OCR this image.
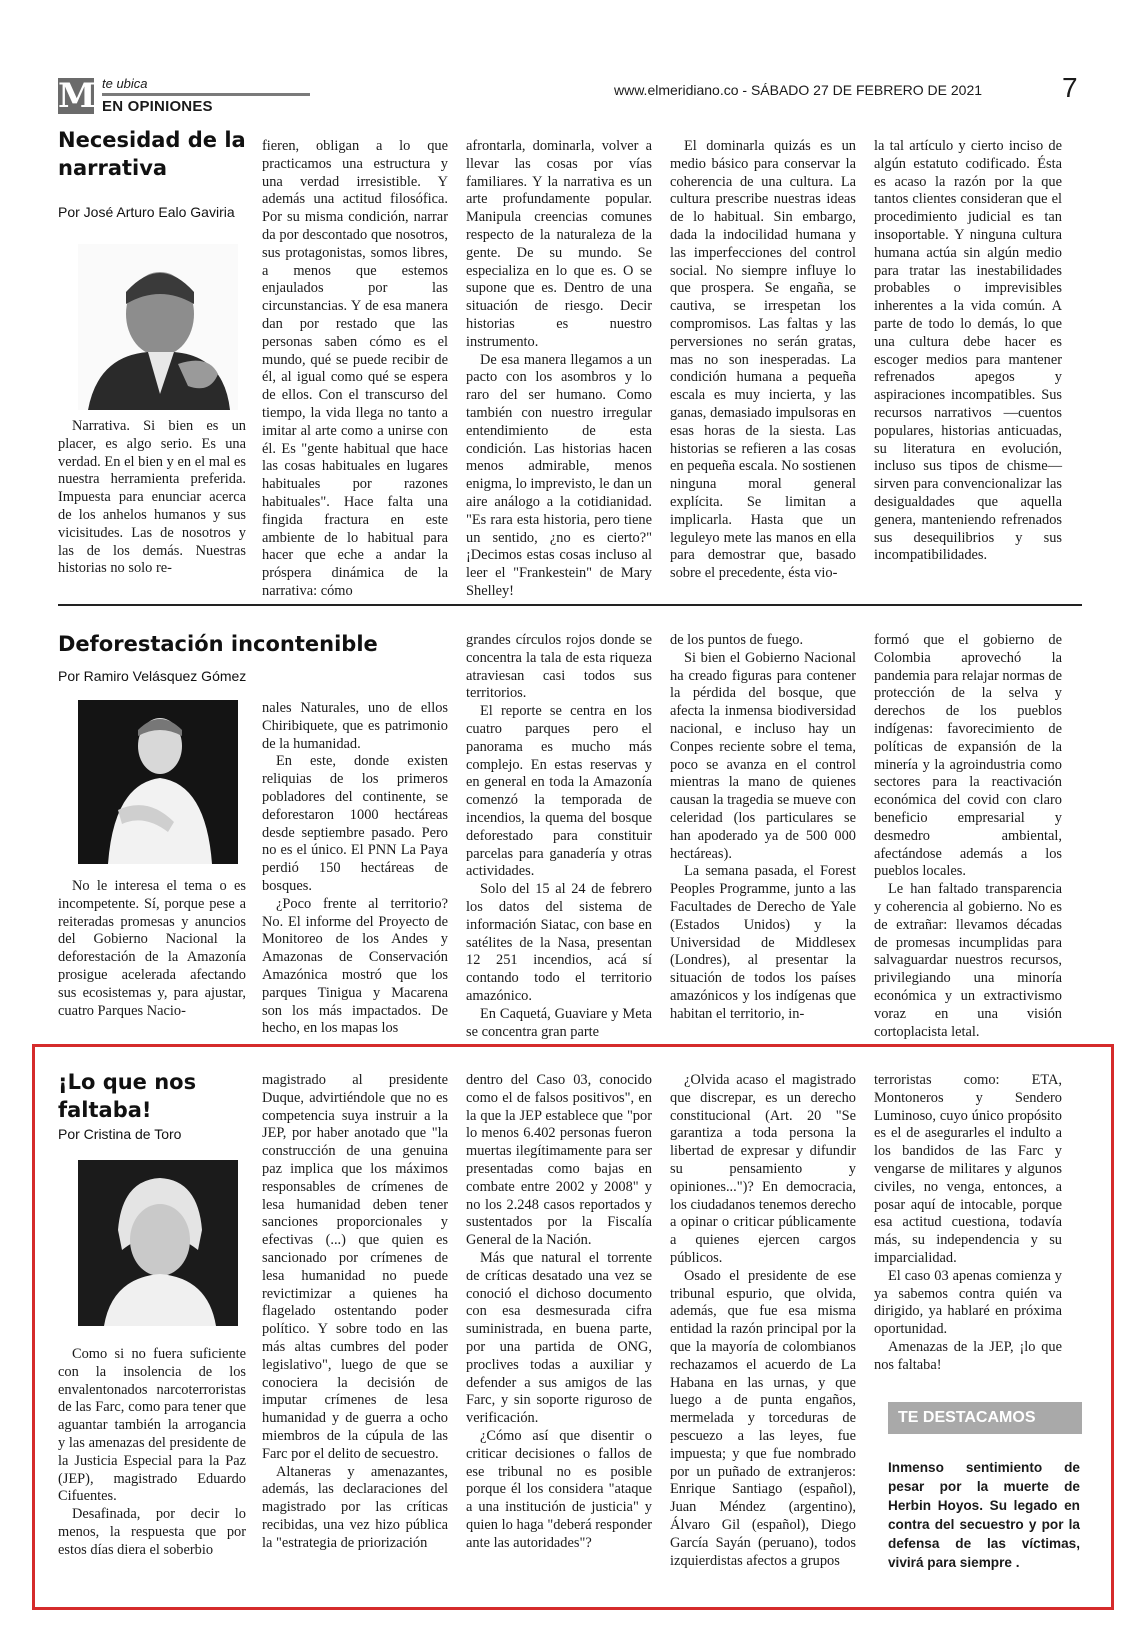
M te ubica
EN OPINIONES
www.elmeridiano.co - SÁBADO 27 DE FEBRERO DE 2021	7
Necesidad de la narrativa
Por José Arturo Ealo Gaviria

Narrativa. Si bien es un placer, es algo serio. Es una verdad. En el bien y en el mal es nuestra herramienta preferida. Impuesta para enunciar acerca de los anhelos humanos y sus vicisitudes. Las de nosotros y las de los demás. Nuestras historias no solo re-

fieren, obligan a lo que practicamos una estructura y una verdad irresistible. Y además una actitud filosófica. Por su misma condición, narrar da por descontado que nosotros, sus protagonistas, somos libres, a menos que estemos enjaulados por las circunstancias. Y de esa manera dan por restado que las personas saben cómo es el mundo, qué se puede recibir de él, al igual como qué se espera de ellos. Con el transcurso del tiempo, la vida llega no tanto a imitar al arte como a unirse con él. Es "gente habitual que hace las cosas habituales en lugares habituales por razones habituales". Hace falta una fingida fractura en este ambiente de lo habitual para hacer que eche a andar la próspera dinámica de la narrativa: cómo

afrontarla, dominarla, volver a llevar las cosas por vías familiares. Y la narrativa es un arte profundamente popular. Manipula creencias comunes respecto de la naturaleza de la gente. De su mundo. Se especializa en lo que es. O se supone que es. Dentro de una situación de riesgo. Decir historias es nuestro instrumento.

De esa manera llegamos a un pacto con los asombros y lo raro del ser humano. Como también con nuestro irregular entendimiento de esta condición. Las historias hacen menos admirable, menos enigma, lo imprevisto, le dan un aire análogo a la cotidianidad. "Es rara esta historia, pero tiene un sentido, ¿no es cierto?" ¡Decimos estas cosas incluso al leer el "Frankestein" de Mary Shelley!

El dominarla quizás es un medio básico para conservar la coherencia de una cultura. La cultura prescribe nuestras ideas de lo habitual. Sin embargo, dada la indocilidad humana y las imperfecciones del control social. No siempre influye lo que prospera. Se engaña, se cautiva, se irrespetan los compromisos. Las faltas y las perversiones no serán gratas, mas no son inesperadas. La condición humana a pequeña escala es muy incierta, y las ganas, demasiado impulsoras en esas horas de la siesta. Las historias se refieren a las cosas en pequeña escala. No sostienen ninguna moral general explícita. Se limitan a implicarla. Hasta que un leguleyo mete las manos en ella para demostrar que, basado sobre el precedente, ésta vio-

la tal artículo y cierto inciso de algún estatuto codificado. Ésta es acaso la razón por la que tantos clientes consideran que el procedimiento judicial es tan insoportable. Y ninguna cultura humana actúa sin algún medio para tratar las inestabilidades probables o imprevisibles inherentes a la vida común. A parte de todo lo demás, lo que una cultura debe hacer es escoger medios para mantener refrenados apegos y aspiraciones incompatibles. Sus recursos narrativos —cuentos populares, historias anticuadas, su literatura en evolución, incluso sus tipos de chisme— sirven para convencionalizar las desigualdades que aquella genera, manteniendo refrenados sus desequilibrios y sus incompatibilidades.

Deforestación incontenible
Por Ramiro Velásquez Gómez

No le interesa el tema o es incompetente. Sí, porque pese a reiteradas promesas y anuncios del Gobierno Nacional la deforestación de la Amazonía prosigue acelerada afectando sus ecosistemas y, para ajustar, cuatro Parques Nacio-

nales Naturales, uno de ellos Chiribiquete, que es patrimonio de la humanidad.

En este, donde existen reliquias de los primeros pobladores del continente, se deforestaron 1000 hectáreas desde septiembre pasado. Pero no es el único. El PNN La Paya perdió 150 hectáreas de bosques.

¿Poco frente al territorio? No. El informe del Proyecto de Monitoreo de los Andes y Amazonas de Conservación Amazónica mostró que los parques Tinigua y Macarena son los más impactados. De hecho, en los mapas los

grandes círculos rojos donde se concentra la tala de esta riqueza atraviesan casi todos sus territorios.

El reporte se centra en los cuatro parques pero el panorama es mucho más complejo. En estas reservas y en general en toda la Amazonía comenzó la temporada de incendios, la quema del bosque deforestado para constituir parcelas para ganadería y otras actividades.

Solo del 15 al 24 de febrero los datos del sistema de información Siatac, con base en satélites de la Nasa, presentan 12 251 incendios, acá sí contando todo el territorio amazónico.

En Caquetá, Guaviare y Meta se concentra gran parte

de los puntos de fuego.

Si bien el Gobierno Nacional ha creado figuras para contener la pérdida del bosque, que afecta la inmensa biodiversidad nacional, e incluso hay un Conpes reciente sobre el tema, poco se avanza en el control mientras la mano de quienes causan la tragedia se mueve con celeridad (los particulares se han apoderado ya de 500 000 hectáreas).

La semana pasada, el Forest Peoples Programme, junto a las Facultades de Derecho de Yale (Estados Unidos) y la Universidad de Middlesex (Londres), al presentar la situación de todos los países amazónicos y los indígenas que habitan el territorio, in-

formó que el gobierno de Colombia aprovechó la pandemia para relajar normas de protección de la selva y derechos de los pueblos indígenas: favorecimiento de políticas de expansión de la minería y la agroindustria como sectores para la reactivación económica del covid con claro beneficio empresarial y desmedro ambiental, afectándose además a los pueblos locales.

Le han faltado transparencia y coherencia al gobierno. No es de extrañar: llevamos décadas de promesas incumplidas para salvaguardar nuestros recursos, privilegiando una minoría económica y un extractivismo voraz en una visión cortoplacista letal.

¡Lo que nos faltaba!
Por Cristina de Toro

Como si no fuera suficiente con la insolencia de los envalentonados narcoterroristas de las Farc, como para tener que aguantar también la arrogancia y las amenazas del presidente de la Justicia Especial para la Paz (JEP), magistrado Eduardo Cifuentes.

Desafinada, por decir lo menos, la respuesta que por estos días diera el soberbio

magistrado al presidente Duque, advirtiéndole que no es competencia suya instruir a la JEP, por haber anotado que "la construcción de una genuina paz implica que los máximos responsables de crímenes de lesa humanidad deben tener sanciones proporcionales y efectivas (...) que quien es sancionado por crímenes de lesa humanidad no puede revictimizar a quienes ha flagelado ostentando poder político. Y sobre todo en las más altas cumbres del poder legislativo", luego de que se conociera la decisión de imputar crímenes de lesa humanidad y de guerra a ocho miembros de la cúpula de las Farc por el delito de secuestro.

Altaneras y amenazantes, además, las declaraciones del magistrado por las críticas recibidas, una vez hizo pública la "estrategia de priorización

dentro del Caso 03, conocido como el de falsos positivos", en la que la JEP establece que "por lo menos 6.402 personas fueron muertas ilegítimamente para ser presentadas como bajas en combate entre 2002 y 2008" y no los 2.248 casos reportados y sustentados por la Fiscalía General de la Nación.

Más que natural el torrente de críticas desatado una vez se conoció el dichoso documento con esa desmesurada cifra suministrada, en buena parte, por una partida de ONG, proclives todas a auxiliar y defender a sus amigos de las Farc, y sin soporte riguroso de verificación.

¿Cómo así que disentir o criticar decisiones o fallos de ese tribunal no es posible porque él los considera "ataque a una institución de justicia" y quien lo haga "deberá responder ante las autoridades"?

¿Olvida acaso el magistrado que discrepar, es un derecho constitucional (Art. 20 "Se garantiza a toda persona la libertad de expresar y difundir su pensamiento y opiniones...")? En democracia, los ciudadanos tenemos derecho a opinar o criticar públicamente a quienes ejercen cargos públicos.

Osado el presidente de ese tribunal espurio, que olvida, además, que fue esa misma entidad la razón principal por la que la mayoría de colombianos rechazamos el acuerdo de La Habana en las urnas, y que luego a de punta engaños, mermelada y torceduras de pescuezo a las leyes, fue impuesta; y que fue nombrado por un puñado de extranjeros: Enrique Santiago (español), Juan Méndez (argentino), Álvaro Gil (español), Diego García Sayán (peruano), todos izquierdistas afectos a grupos

terroristas como: ETA, Montoneros y Sendero Luminoso, cuyo único propósito es el de asegurarles el indulto a los bandidos de las Farc y vengarse de militares y algunos civiles, no venga, entonces, a posar aquí de intocable, porque esa actitud cuestiona, todavía más, su independencia y su imparcialidad.

El caso 03 apenas comienza y ya sabemos contra quién va dirigido, ya hablaré en próxima oportunidad.

Amenazas de la JEP, ¡lo que nos faltaba!

TE DESTACAMOS
Inmenso sentimiento de pesar por la muerte de Herbin Hoyos. Su legado en contra del secuestro y por la defensa de las víctimas, vivirá para siempre .
